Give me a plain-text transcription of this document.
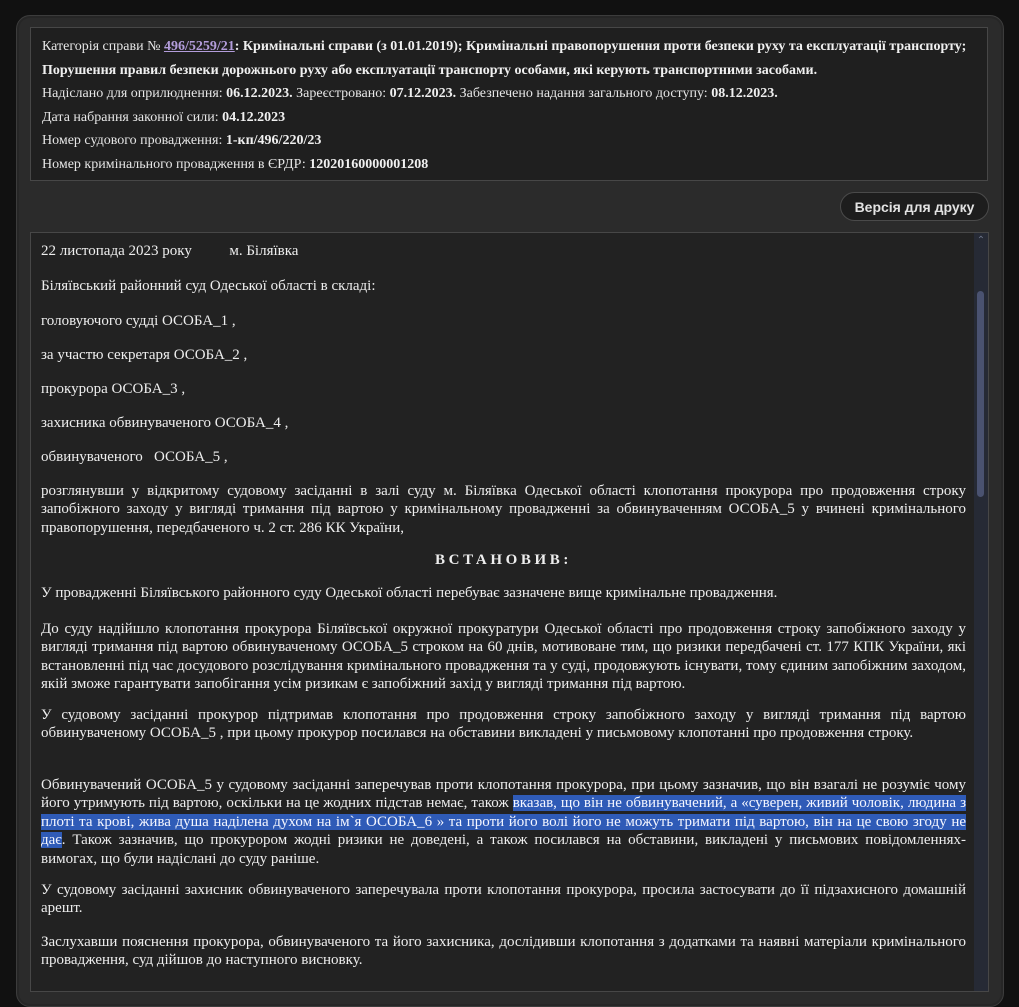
Категорія справи № 496/5259/21: Кримінальні справи (з 01.01.2019); Кримінальні правопорушення проти безпеки руху та експлуатації транспорту;
Порушення правил безпеки дорожнього руху або експлуатації транспорту особами, які керують транспортними засобами.
Надіслано для оприлюднення: 06.12.2023. Зареєстровано: 07.12.2023. Забезпечено надання загального доступу: 08.12.2023.
Дата набрання законної сили: 04.12.2023
Номер судового провадження: 1-кп/496/220/23
Номер кримінального провадження в ЄРДР: 12020160000001208
Версія для друку
22 листопада 2023 року          м. Біляївка
Біляївський районний суд Одеської області в складі:
головуючого судді ОСОБА_1 ,
за участю секретаря ОСОБА_2 ,
прокурора ОСОБА_3 ,
захисника обвинуваченого ОСОБА_4 ,
обвинуваченого   ОСОБА_5 ,
розглянувши у відкритому судовому засіданні в залі суду м. Біляївка Одеської області клопотання прокурора про продовження строку запобіжного заходу у вигляді тримання під вартою у кримінальному провадженні за обвинуваченням ОСОБА_5 у вчинені кримінального правопорушення, передбаченого ч. 2 ст. 286 КК України,
ВСТАНОВИВ:
У провадженні Біляївського районного суду Одеської області перебуває зазначене вище кримінальне провадження.
До суду надійшло клопотання прокурора Біляївської окружної прокуратури Одеської області про продовження строку запобіжного заходу у вигляді тримання під вартою обвинуваченому ОСОБА_5 строком на 60 днів, мотивоване тим, що ризики передбачені ст. 177 КПК України, які встановленні під час досудового розслідування кримінального провадження та у суді, продовжують існувати, тому єдиним запобіжним заходом, якій зможе гарантувати запобігання усім ризикам є запобіжний захід у вигляді тримання під вартою.
У судовому засіданні прокурор підтримав клопотання про продовження строку запобіжного заходу у вигляді тримання під вартою обвинуваченому ОСОБА_5 , при цьому прокурор посилався на обставини викладені у письмовому клопотанні про продовження строку.
Обвинувачений ОСОБА_5 у судовому засіданні заперечував проти клопотання прокурора, при цьому зазначив, що він взагалі не розуміє чому його утримують під вартою, оскільки на це жодних підстав немає, також вказав, що він не обвинувачений, а «суверен, живий чоловік, людина з плоті та крові, жива душа наділена духом на ім`я ОСОБА_6 » та проти його волі його не можуть тримати під вартою, він на це свою згоду не дає. Також зазначив, що прокурором жодні ризики не доведені, а також посилався на обставини, викладені у письмових повідомленнях-вимогах, що були надіслані до суду раніше.
У судовому засіданні захисник обвинуваченого заперечувала проти клопотання прокурора, просила застосувати до її підзахисного домашній арешт.
Заслухавши пояснення прокурора, обвинуваченого та його захисника, дослідивши клопотання з додатками та наявні матеріали кримінального провадження, суд дійшов до наступного висновку.
⌃
